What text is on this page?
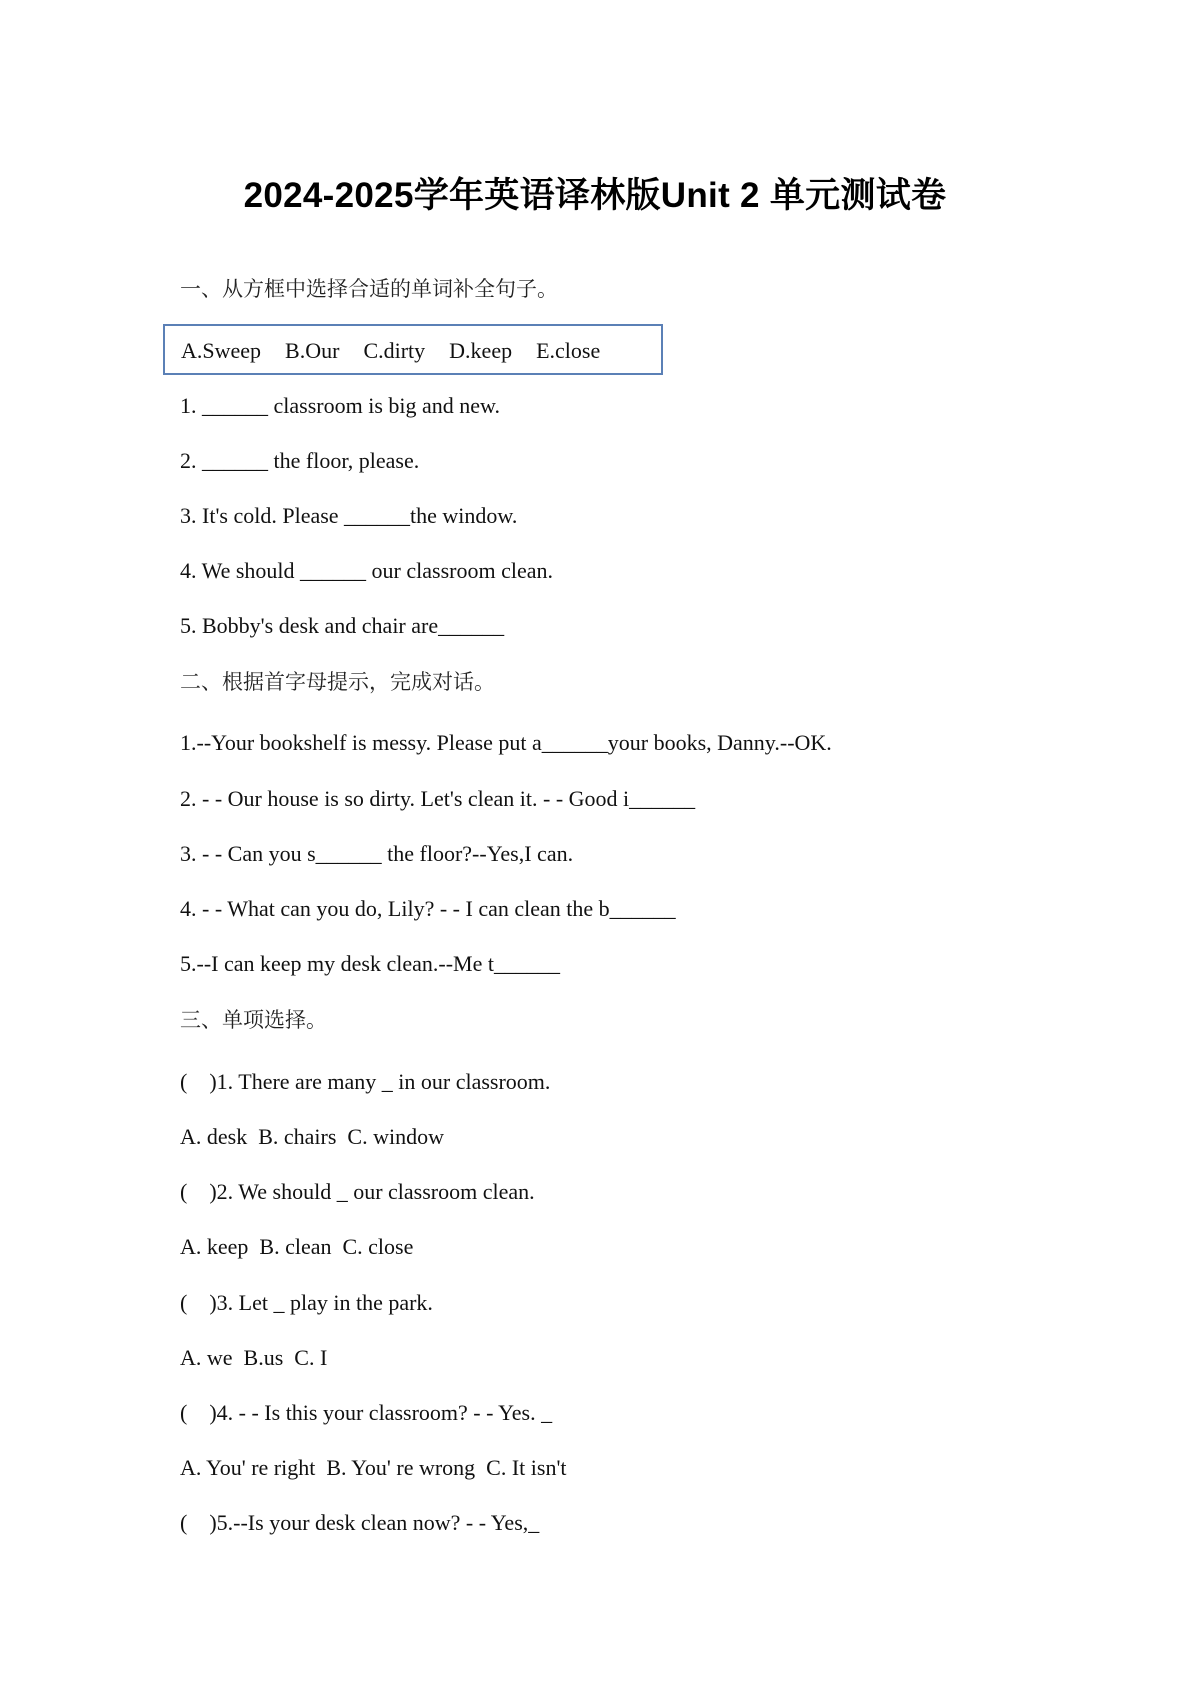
2024-2025学年英语译林版Unit 2 单元测试卷
一、从方框中选择合适的单词补全句子。
A.Sweep B.Our C.dirty D.keep E.close
1. ______ classroom is big and new.
2. ______ the floor, please.
3. It's cold. Please ______the window.
4. We should ______ our classroom clean.
5. Bobby's desk and chair are______
二、根据首字母提示，完成对话。
1.--Your bookshelf is messy. Please put a______your books, Danny.--OK.
2. - - Our house is so dirty. Let's clean it. - - Good i______
3. - - Can you s______ the floor?--Yes,I can.
4. - - What can you do, Lily? - - I can clean the b______
5.--I can keep my desk clean.--Me t______
三、单项选择。
(    )1. There are many _ in our classroom.
A. desk  B. chairs  C. window
(    )2. We should _ our classroom clean.
A. keep  B. clean  C. close
(    )3. Let _ play in the park.
A. we  B.us  C. I
(    )4. - - Is this your classroom? - - Yes. _
A. You' re right  B. You' re wrong  C. It isn't
(    )5.--Is your desk clean now? - - Yes,_
